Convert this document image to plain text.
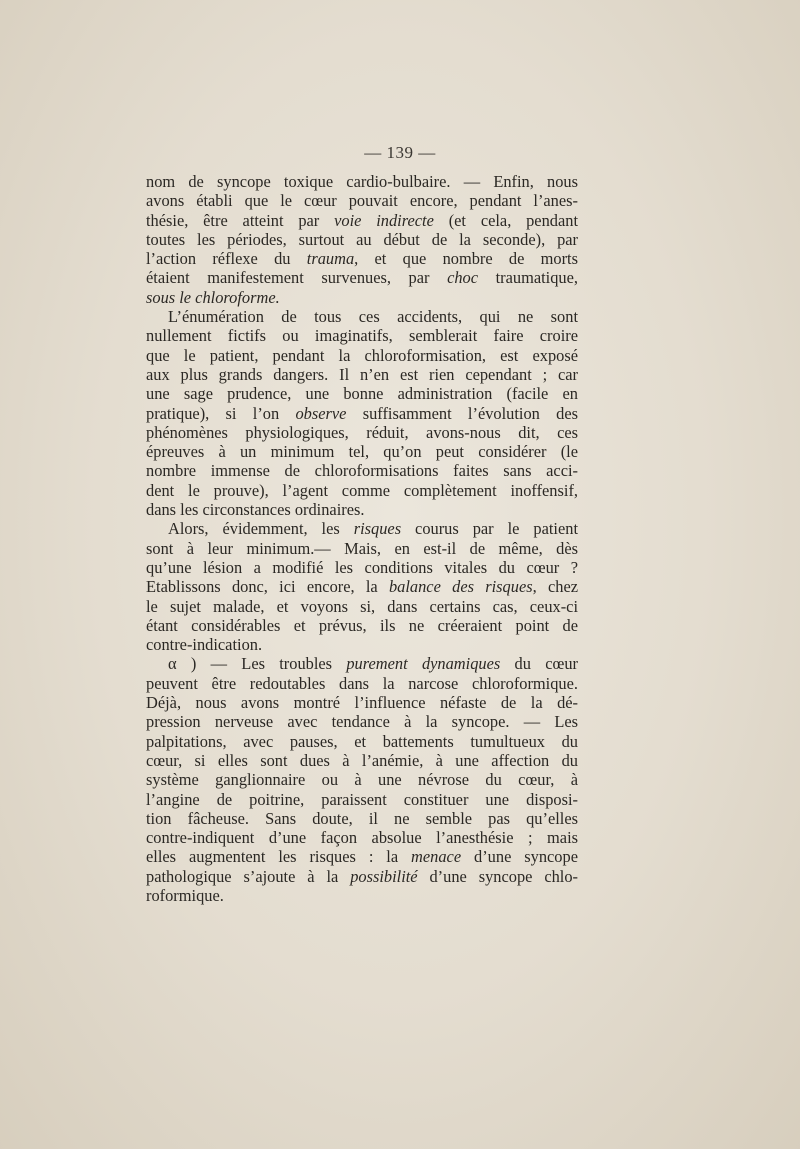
— 139 —
nom de syncope toxique cardio-bulbaire. — Enfin, nous
avons établi que le cœur pouvait encore, pendant l’anes-
thésie, être atteint par voie indirecte (et cela, pendant
toutes les périodes, surtout au début de la seconde), par
l’action réflexe du trauma, et que nombre de morts
étaient manifestement survenues, par choc traumatique,
sous le chloroforme.
L’énumération de tous ces accidents, qui ne sont
nullement fictifs ou imaginatifs, semblerait faire croire
que le patient, pendant la chloroformisation, est exposé
aux plus grands dangers. Il n’en est rien cependant ; car
une sage prudence, une bonne administration (facile en
pratique), si l’on observe suffisamment l’évolution des
phénomènes physiologiques, réduit, avons-nous dit, ces
épreuves à un minimum tel, qu’on peut considérer (le
nombre immense de chloroformisations faites sans acci-
dent le prouve), l’agent comme complètement inoffensif,
dans les circonstances ordinaires.
Alors, évidemment, les risques courus par le patient
sont à leur minimum.— Mais, en est-il de même, dès
qu’une lésion a modifié les conditions vitales du cœur ?
Etablissons donc, ici encore, la balance des risques, chez
le sujet malade, et voyons si, dans certains cas, ceux-ci
étant considérables et prévus, ils ne créeraient point de
contre-indication.
α ) — Les troubles purement dynamiques du cœur
peuvent être redoutables dans la narcose chloroformique.
Déjà, nous avons montré l’influence néfaste de la dé-
pression nerveuse avec tendance à la syncope. — Les
palpitations, avec pauses, et battements tumultueux du
cœur, si elles sont dues à l’anémie, à une affection du
système ganglionnaire ou à une névrose du cœur, à
l’angine de poitrine, paraissent constituer une disposi-
tion fâcheuse. Sans doute, il ne semble pas qu’elles
contre-indiquent d’une façon absolue l’anesthésie ; mais
elles augmentent les risques : la menace d’une syncope
pathologique s’ajoute à la possibilité d’une syncope chlo-
roformique.
